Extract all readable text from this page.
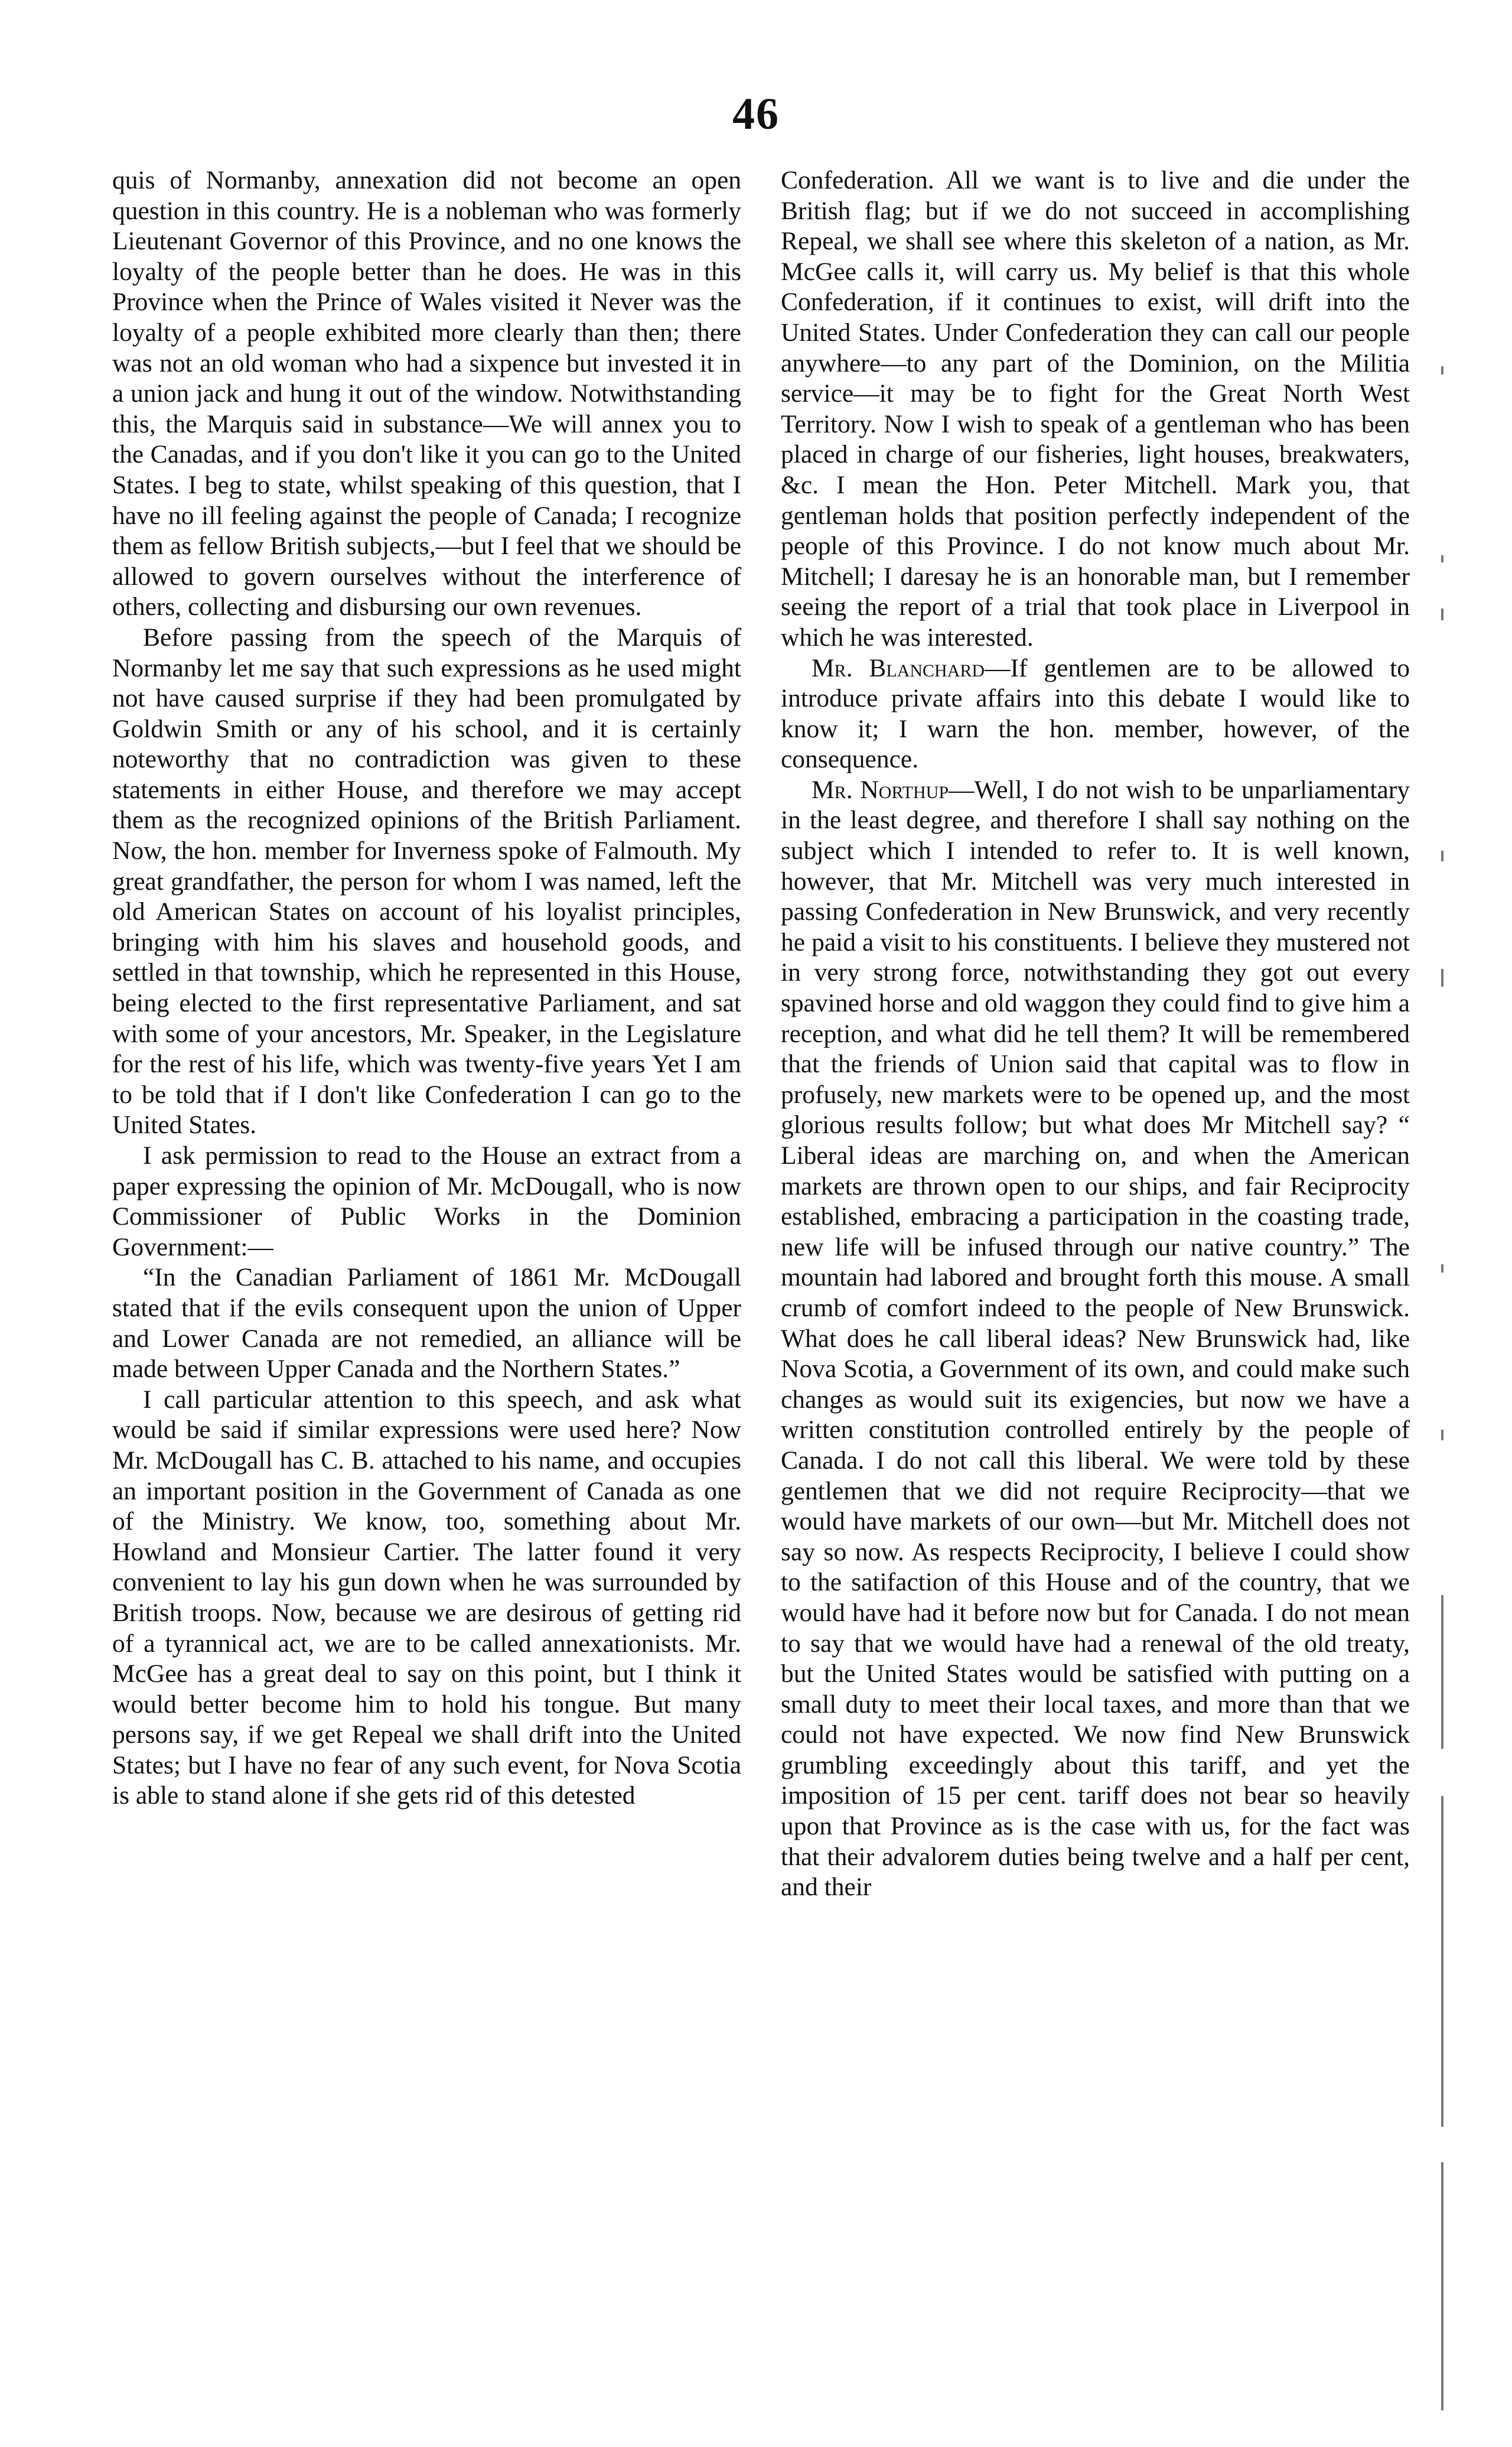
46

quis of Normanby, annexation did not become an open question in this country. He is a nobleman who was formerly Lieutenant Governor of this Province, and no one knows the loyalty of the people better than he does. He was in this Province when the Prince of Wales visited it Never was the loyalty of a people exhibited more clearly than then; there was not an old woman who had a sixpence but invested it in a union jack and hung it out of the window. Notwithstanding this, the Marquis said in substance—We will annex you to the Canadas, and if you don't like it you can go to the United States. I beg to state, whilst speaking of this question, that I have no ill feeling against the people of Canada; I recognize them as fellow British subjects,—but I feel that we should be allowed to govern ourselves without the interference of others, collecting and disbursing our own revenues.

Before passing from the speech of the Marquis of Normanby let me say that such expressions as he used might not have caused surprise if they had been promulgated by Goldwin Smith or any of his school, and it is certainly noteworthy that no contradiction was given to these statements in either House, and therefore we may accept them as the recognized opinions of the British Parliament. Now, the hon. member for Inverness spoke of Falmouth. My great grandfather, the person for whom I was named, left the old American States on account of his loyalist principles, bringing with him his slaves and household goods, and settled in that township, which he represented in this House, being elected to the first representative Parliament, and sat with some of your ancestors, Mr. Speaker, in the Legislature for the rest of his life, which was twenty-five years Yet I am to be told that if I don't like Confederation I can go to the United States.

I ask permission to read to the House an extract from a paper expressing the opinion of Mr. McDougall, who is now Commissioner of Public Works in the Dominion Government:—

“In the Canadian Parliament of 1861 Mr. McDougall stated that if the evils consequent upon the union of Upper and Lower Canada are not remedied, an alliance will be made between Upper Canada and the Northern States.”

I call particular attention to this speech, and ask what would be said if similar expressions were used here? Now Mr. McDougall has C. B. attached to his name, and occupies an important position in the Government of Canada as one of the Ministry. We know, too, something about Mr. Howland and Monsieur Cartier. The latter found it very convenient to lay his gun down when he was surrounded by British troops. Now, because we are desirous of getting rid of a tyrannical act, we are to be called annexationists. Mr. McGee has a great deal to say on this point, but I think it would better become him to hold his tongue. But many persons say, if we get Repeal we shall drift into the United States; but I have no fear of any such event, for Nova Scotia is able to stand alone if she gets rid of this detested

Confederation. All we want is to live and die under the British flag; but if we do not succeed in accomplishing Repeal, we shall see where this skeleton of a nation, as Mr. McGee calls it, will carry us. My belief is that this whole Confederation, if it continues to exist, will drift into the United States. Under Confederation they can call our people anywhere—to any part of the Dominion, on the Militia service—it may be to fight for the Great North West Territory. Now I wish to speak of a gentleman who has been placed in charge of our fisheries, light houses, breakwaters, &c. I mean the Hon. Peter Mitchell. Mark you, that gentleman holds that position perfectly independent of the people of this Province. I do not know much about Mr. Mitchell; I daresay he is an honorable man, but I remember seeing the report of a trial that took place in Liverpool in which he was interested.

Mr. Blanchard—If gentlemen are to be allowed to introduce private affairs into this debate I would like to know it; I warn the hon. member, however, of the consequence.

Mr. Northup—Well, I do not wish to be unparliamentary in the least degree, and therefore I shall say nothing on the subject which I intended to refer to. It is well known, however, that Mr. Mitchell was very much interested in passing Confederation in New Brunswick, and very recently he paid a visit to his constituents. I believe they mustered not in very strong force, notwithstanding they got out every spavined horse and old waggon they could find to give him a reception, and what did he tell them? It will be remembered that the friends of Union said that capital was to flow in profusely, new markets were to be opened up, and the most glorious results follow; but what does Mr Mitchell say? “ Liberal ideas are marching on, and when the American markets are thrown open to our ships, and fair Reciprocity established, embracing a participation in the coasting trade, new life will be infused through our native country.” The mountain had labored and brought forth this mouse. A small crumb of comfort indeed to the people of New Brunswick. What does he call liberal ideas? New Brunswick had, like Nova Scotia, a Government of its own, and could make such changes as would suit its exigencies, but now we have a written constitution controlled entirely by the people of Canada. I do not call this liberal. We were told by these gentlemen that we did not require Reciprocity—that we would have markets of our own—but Mr. Mitchell does not say so now. As respects Reciprocity, I believe I could show to the satifaction of this House and of the country, that we would have had it before now but for Canada. I do not mean to say that we would have had a renewal of the old treaty, but the United States would be satisfied with putting on a small duty to meet their local taxes, and more than that we could not have expected. We now find New Brunswick grumbling exceedingly about this tariff, and yet the imposition of 15 per cent. tariff does not bear so heavily upon that Province as is the case with us, for the fact was that their advalorem duties being twelve and a half per cent, and their
